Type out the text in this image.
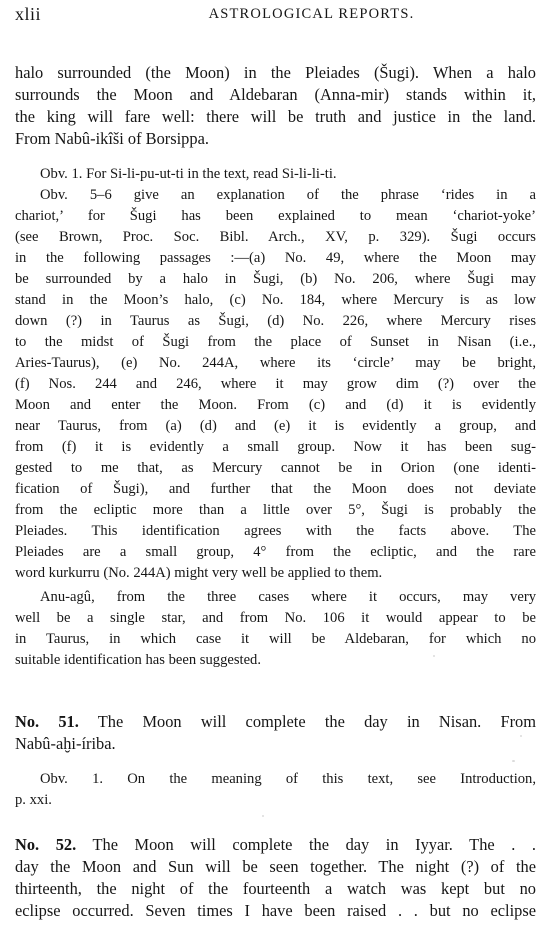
xlii	ASTROLOGICAL REPORTS.
halo surrounded (the Moon) in the Pleiades (Šugi). When a halo
surrounds the Moon and Aldebaran (Anna-mir) stands within it,
the king will fare well: there will be truth and justice in the land.
From Nabû-ikîši of Borsippa.
Obv. 1. For Si-li-pu-ut-ti in the text, read Si-li-li-ti.
Obv. 5–6 give an explanation of the phrase ‘rides in a
chariot,’ for Šugi has been explained to mean ‘chariot-yoke’
(see Brown, Proc. Soc. Bibl. Arch., XV, p. 329). Šugi occurs
in the following passages :—(a) No. 49, where the Moon may
be surrounded by a halo in Šugi, (b) No. 206, where Šugi may
stand in the Moon’s halo, (c) No. 184, where Mercury is as low
down (?) in Taurus as Šugi, (d) No. 226, where Mercury rises
to the midst of Šugi from the place of Sunset in Nisan (i.e.,
Aries-Taurus), (e) No. 244A, where its ‘circle’ may be bright,
(f) Nos. 244 and 246, where it may grow dim (?) over the
Moon and enter the Moon. From (c) and (d) it is evidently
near Taurus, from (a) (d) and (e) it is evidently a group, and
from (f) it is evidently a small group. Now it has been sug-
gested to me that, as Mercury cannot be in Orion (one identi-
fication of Šugi), and further that the Moon does not deviate
from the ecliptic more than a little over 5°, Šugi is probably the
Pleiades. This identification agrees with the facts above. The
Pleiades are a small group, 4° from the ecliptic, and the rare
word kurkurru (No. 244A) might very well be applied to them.
Anu-agû, from the three cases where it occurs, may very
well be a single star, and from No. 106 it would appear to be
in Taurus, in which case it will be Aldebaran, for which no
suitable identification has been suggested.
No. 51. The Moon will complete the day in Nisan. From
Nabû-aḫi-íriba.
Obv. 1. On the meaning of this text, see Introduction,
p. xxi.
No. 52. The Moon will complete the day in Iyyar. The . .
day the Moon and Sun will be seen together. The night (?) of the
thirteenth, the night of the fourteenth a watch was kept but no
eclipse occurred. Seven times I have been raised . . but no eclipse
